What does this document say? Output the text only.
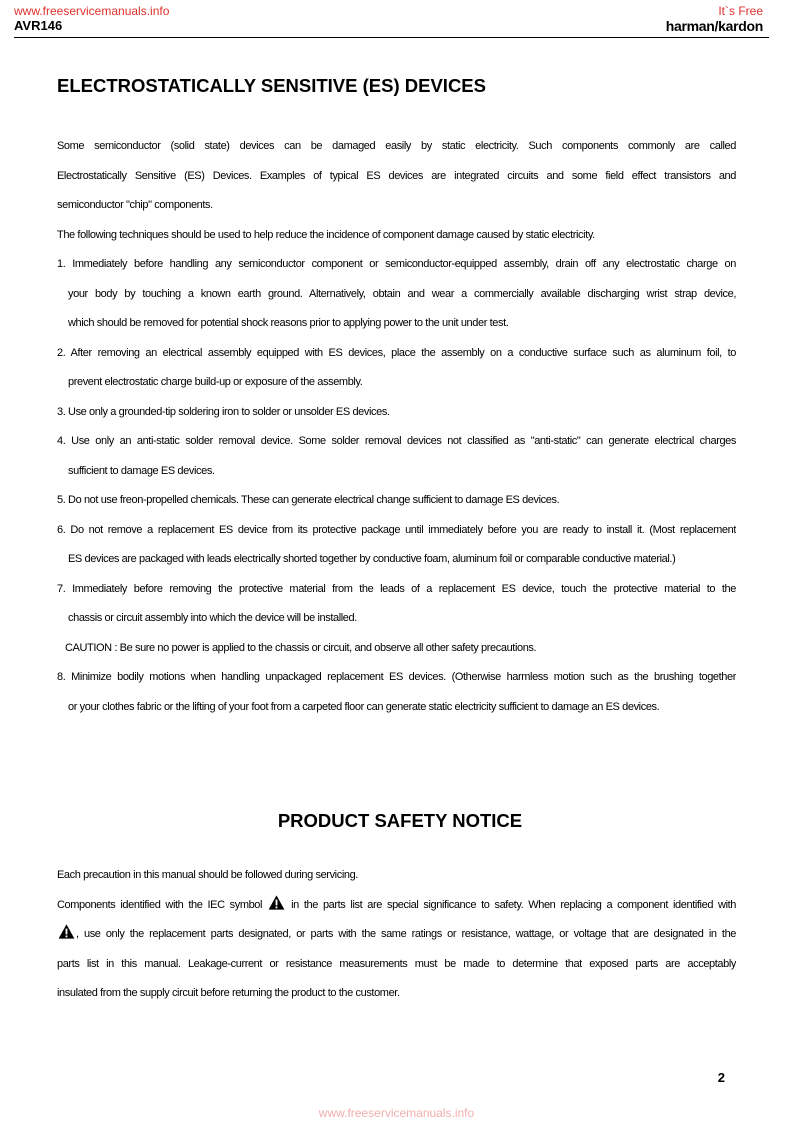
www.freeservicemanuals.info
AVR146
It`s Free
harman/kardon
ELECTROSTATICALLY SENSITIVE (ES) DEVICES
Some semiconductor (solid state) devices can be damaged easily by static electricity. Such components commonly are called
Electrostatically Sensitive (ES) Devices. Examples of typical ES devices are integrated circuits and some field effect transistors and
semiconductor "chip" components.
The following techniques should be used to help reduce the incidence of component damage caused by static electricity.
1. Immediately before handling any semiconductor component or semiconductor-equipped assembly, drain off any electrostatic charge on
your body by touching a known earth ground. Alternatively, obtain and wear a commercially available discharging wrist strap device,
which should be removed for potential shock reasons prior to applying power to the unit under test.
2. After removing an electrical assembly equipped with ES devices, place the assembly on a conductive surface such as aluminum foil, to
prevent electrostatic charge build-up or exposure of the assembly.
3. Use only a grounded-tip soldering iron to solder or unsolder ES devices.
4. Use only an anti-static solder removal device. Some solder removal devices not classified as "anti-static" can generate electrical charges
sufficient to damage ES devices.
5. Do not use freon-propelled chemicals. These can generate electrical change sufficient to damage ES devices.
6. Do not remove a replacement ES device from its protective package until immediately before you are ready to install it. (Most replacement
ES devices are packaged with leads electrically shorted together by conductive foam, aluminum foil or comparable conductive material.)
7. Immediately before removing the protective material from the leads of a replacement ES device, touch the protective material to the
chassis or circuit assembly into which the device will be installed.
CAUTION : Be sure no power is applied to the chassis or circuit, and observe all other safety precautions.
8. Minimize bodily motions when handling unpackaged replacement ES devices. (Otherwise harmless motion such as the brushing together
or your clothes fabric or the lifting of your foot from a carpeted floor can generate static electricity sufficient to damage an ES devices.
PRODUCT SAFETY NOTICE
Each precaution in this manual should be followed during servicing.
Components identified with the IEC symbol	in the parts list are special significance to safety. When replacing a component identified with
, use only the replacement parts designated, or parts with the same ratings or resistance, wattage, or voltage that are designated in the
parts list in this manual. Leakage-current or resistance measurements must be made to determine that exposed parts are acceptably
insulated from the supply circuit before returning the product to the customer.
2
www.freeservicemanuals.info
